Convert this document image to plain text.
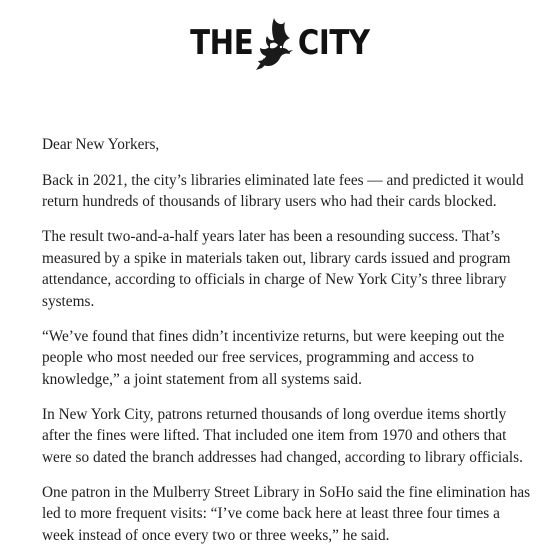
THE CITY

Dear New Yorkers,

Back in 2021, the city’s libraries eliminated late fees — and predicted it would return hundreds of thousands of library users who had their cards blocked.

The result two-and-a-half years later has been a resounding success. That’s measured by a spike in materials taken out, library cards issued and program attendance, according to officials in charge of New York City’s three library systems.

“We’ve found that fines didn’t incentivize returns, but were keeping out the people who most needed our free services, programming and access to knowledge,” a joint statement from all systems said.

In New York City, patrons returned thousands of long overdue items shortly after the fines were lifted. That included one item from 1970 and others that were so dated the branch addresses had changed, according to library officials.

One patron in the Mulberry Street Library in SoHo said the fine elimination has led to more frequent visits: “I’ve come back here at least three four times a week instead of once every two or three weeks,” he said.
